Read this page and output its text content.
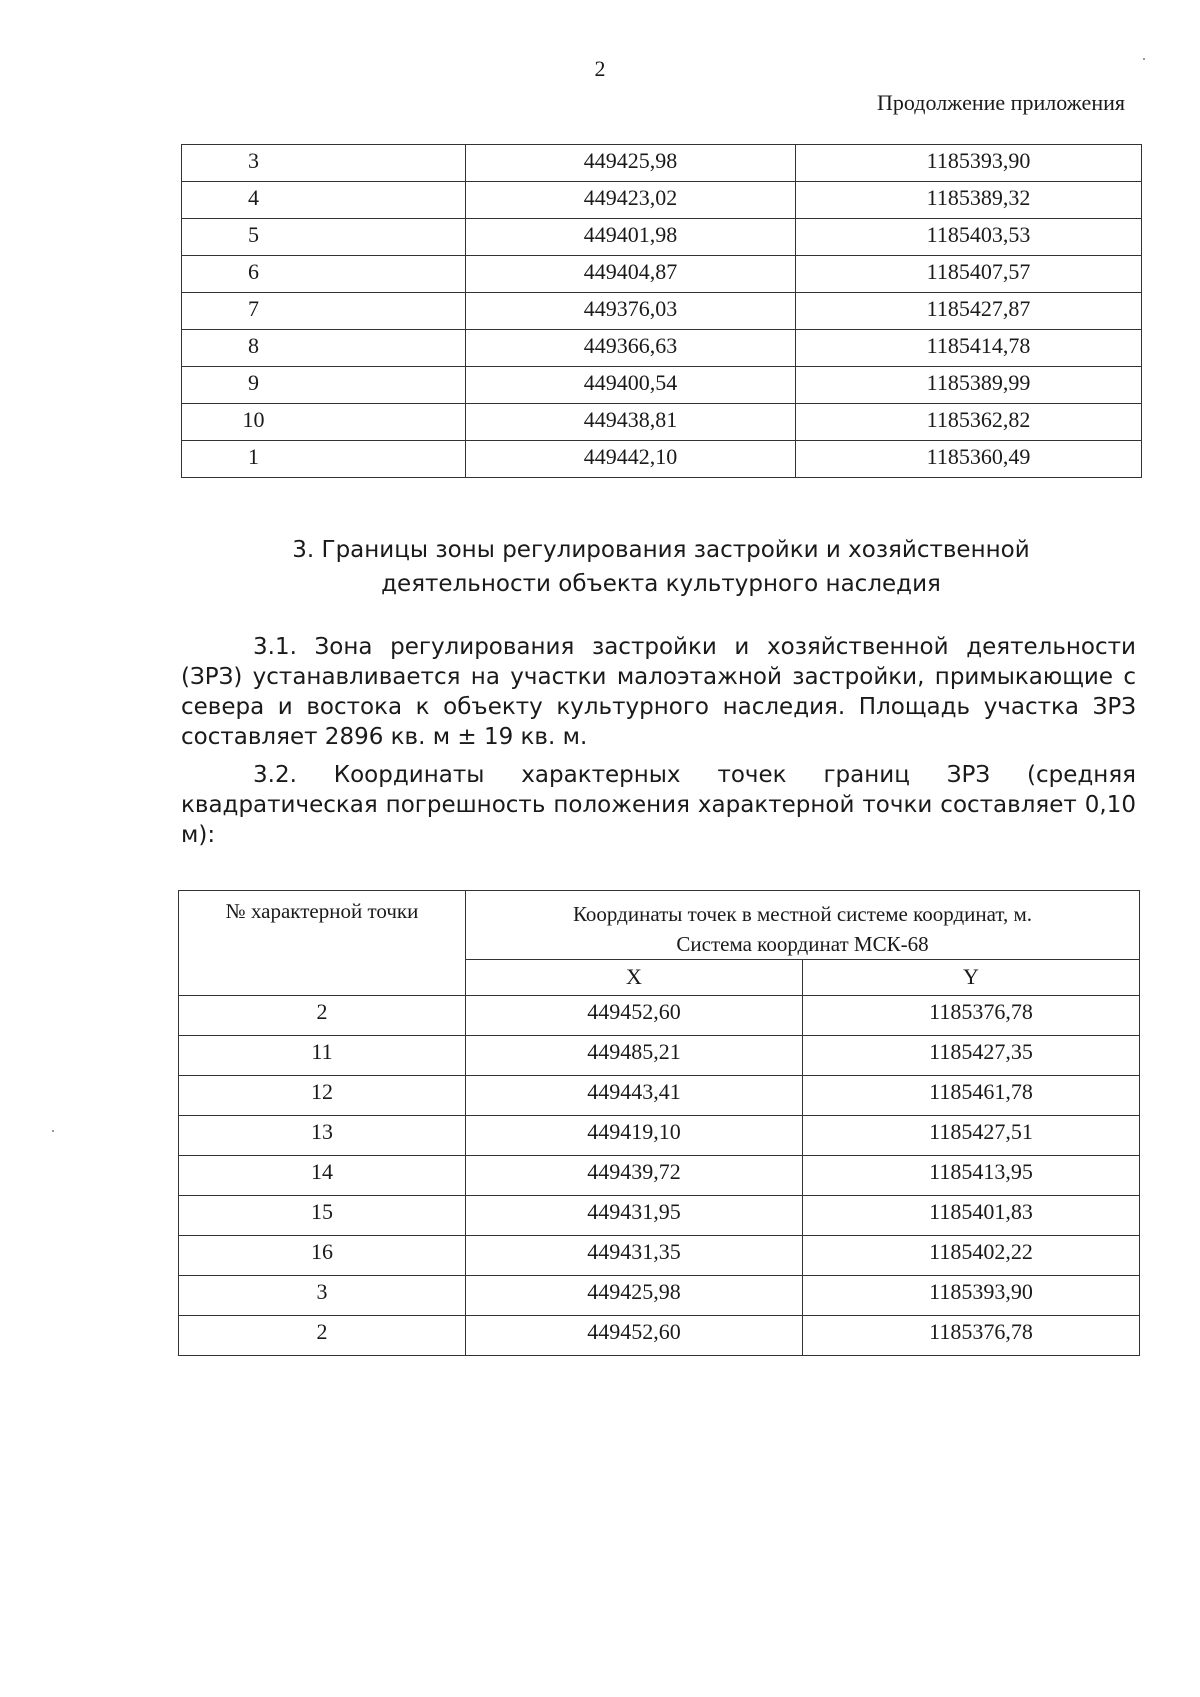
2
Продолжение приложения
3	449425,98	1185393,90
4	449423,02	1185389,32
5	449401,98	1185403,53
6	449404,87	1185407,57
7	449376,03	1185427,87
8	449366,63	1185414,78
9	449400,54	1185389,99
10	449438,81	1185362,82
1	449442,10	1185360,49
3. Границы зоны регулирования застройки и хозяйственной
деятельности объекта культурного наследия
3.1. Зона регулирования застройки и хозяйственной деятельности (ЗРЗ) устанавливается на участки малоэтажной застройки, примыкающие с севера и востока к объекту культурного наследия. Площадь участка ЗРЗ составляет 2896 кв. м ± 19 кв. м.
3.2. Координаты характерных точек границ ЗРЗ (средняя квадратическая погрешность положения характерной точки составляет 0,10 м):
№ характерной точки	Координаты точек в местной системе координат, м.
Система координат МСК-68	

	X	Y
2	449452,60	1185376,78
11	449485,21	1185427,35
12	449443,41	1185461,78
13	449419,10	1185427,51
14	449439,72	1185413,95
15	449431,95	1185401,83
16	449431,35	1185402,22
3	449425,98	1185393,90
2	449452,60	1185376,78
